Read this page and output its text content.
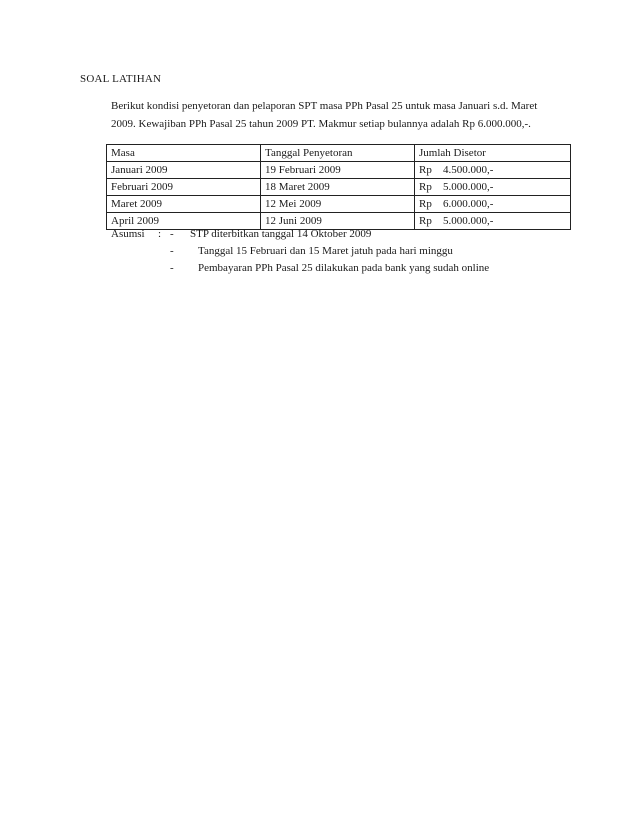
SOAL LATIHAN

Berikut kondisi penyetoran dan pelaporan SPT masa PPh Pasal 25 untuk masa Januari s.d. Maret

2009. Kewajiban PPh Pasal 25 tahun 2009 PT. Makmur setiap bulannya adalah Rp 6.000.000,-.

Masa	Tanggal Penyetoran	Jumlah Disetor
Januari 2009	19 Februari 2009	Rp 4.500.000,-
Februari 2009	18 Maret 2009	Rp 5.000.000,-
Maret 2009	12 Mei 2009	Rp 6.000.000,-
April 2009	12 Juni 2009	Rp 5.000.000,-
Asumsi	: -	STP diterbitkan tanggal 14 Oktober 2009
-	Tanggal 15 Februari dan 15 Maret jatuh pada hari minggu
-	Pembayaran PPh Pasal 25 dilakukan pada bank yang sudah online
